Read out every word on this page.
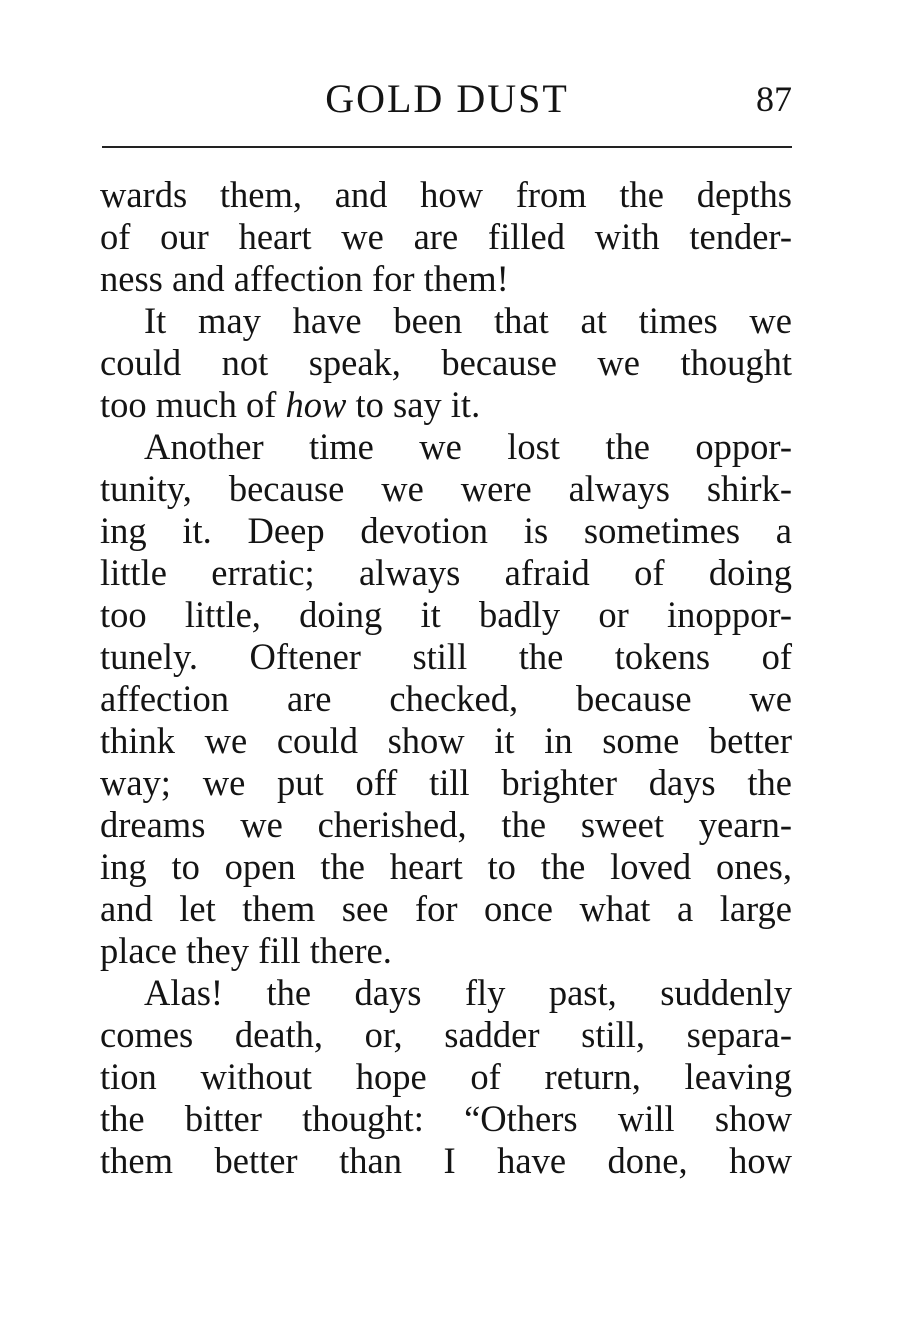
GOLD DUST	87
wards them, and how from the depths
of our heart we are filled with tender-
ness and affection for them!
It may have been that at times we
could not speak, because we thought
too much of how to say it.
Another time we lost the oppor-
tunity, because we were always shirk-
ing it. Deep devotion is sometimes a
little erratic; always afraid of doing
too little, doing it badly or inoppor-
tunely. Oftener still the tokens of
affection are checked, because we
think we could show it in some better
way; we put off till brighter days the
dreams we cherished, the sweet yearn-
ing to open the heart to the loved ones,
and let them see for once what a large
place they fill there.
Alas! the days fly past, suddenly
comes death, or, sadder still, separa-
tion without hope of return, leaving
the bitter thought: “Others will show
them better than I have done, how
